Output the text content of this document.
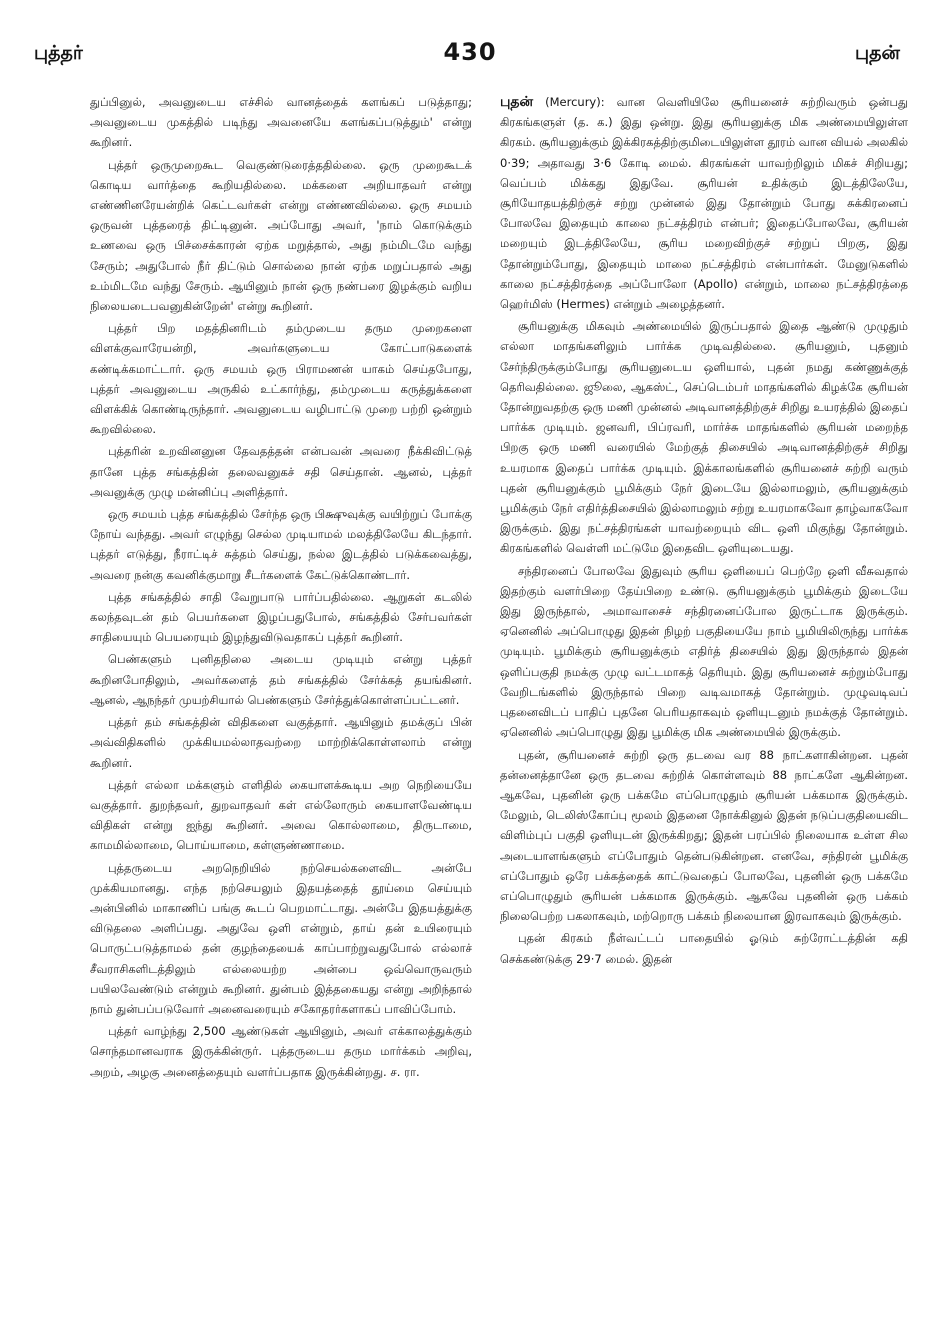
புத்தர்	430	புதன்

துப்பினுல், அவனுடைய எச்சில் வானத்தைக் களங்கப் படுத்தாது; அவனுடைய முகத்தில் படிந்து அவனையே களங்கப்படுத்தும்' என்று கூறினர்.

புத்தர் ஒருமுறைகூட வெகுண்டுரைத்ததில்லை. ஒரு முறைகூடக் கொடிய வார்த்தை கூறியதில்லை. மக்களை அறியாதவர் என்று எண்ணினரேயன்றிக் கெட்டவர்கள் என்று எண்ணவில்லை. ஒரு சமயம் ஒருவன் புத்தரைத் திட்டினுன். அப்போது அவர், 'நாம் கொடுக்கும் உணவை ஒரு பிச்சைக்காரன் ஏற்க மறுத்தால், அது நம்மிடமே வந்து சேரும்; அதுபோல் நீர் திட்டும் சொல்லை நான் ஏற்க மறுப்பதால் அது உம்மிடமே வந்து சேரும். ஆயினும் நான் ஒரு நண்பரை இழக்கும் வறிய நிலையடைபவனுகின்றேன்' என்று கூறினர்.

புத்தர் பிற மதத்தினரிடம் தம்முடைய தரும முறைகளை விளக்குவாரேயன்றி, அவர்களுடைய கோட்பாடுகளைக் கண்டிக்கமாட்டார். ஒரு சமயம் ஒரு பிராமணன் யாகம் செய்தபோது, புத்தர் அவனுடைய அருகில் உட்கார்ந்து, தம்முடைய கருத்துக்களை விளக்கிக் கொண்டிருந்தார். அவனுடைய வழிபாட்டு முறை பற்றி ஒன்றும் கூறவில்லை.

புத்தரின் உறவினனுன தேவதத்தன் என்பவன் அவரை நீக்கிவிட்டுத் தானே புத்த சங்கத்தின் தலைவனுகச் சதி செய்தான். ஆனல், புத்தர் அவனுக்கு முழு மன்னிப்பு அளித்தார்.

ஒரு சமயம் புத்த சங்கத்தில் சேர்ந்த ஒரு பிக்ஷுவுக்கு வயிற்றுப் போக்கு நோய் வந்தது. அவர் எழுந்து செல்ல முடியாமல் மலத்திலேயே கிடந்தார். புத்தர் எடுத்து, நீராட்டிச் சுத்தம் செய்து, நல்ல இடத்தில் படுக்கவைத்து, அவரை நன்கு கவனிக்குமாறு சீடர்களைக் கேட்டுக்கொண்டார்.

புத்த சங்கத்தில் சாதி வேறுபாடு பார்ப்பதில்லை. ஆறுகள் கடலில் கலந்தவுடன் தம் பெயர்களை இழப்பதுபோல், சங்கத்தில் சேர்பவர்கள் சாதியையும் பெயரையும் இழந்துவிடுவதாகப் புத்தர் கூறினர்.

பெண்களும் புனிதநிலை அடைய முடியும் என்று புத்தர் கூறினபோதிலும், அவர்களைத் தம் சங்கத்தில் சேர்க்கத் தயங்கினர். ஆனல், ஆநந்தர் முயற்சியால் பெண்களும் சேர்த்துக்கொள்ளப்பட்டனர்.

புத்தர் தம் சங்கத்தின் விதிகளை வகுத்தார். ஆயினும் தமக்குப் பின் அவ்விதிகளில் முக்கியமல்லாதவற்றை மாற்றிக்கொள்ளலாம் என்று கூறினர்.

புத்தர் எல்லா மக்களும் எளிதில் கையாளக்கூடிய அற நெறியையே வகுத்தார். துறந்தவர், துறவாதவர் கள் எல்லோரும் கையாளவேண்டிய விதிகள் என்று ஐந்து கூறினர். அவை கொல்லாமை, திருடாமை, காமமில்லாமை, பொய்யாமை, கள்ளுண்ணாமை.

புத்தருடைய அறநெறியில் நற்செயல்களைவிட அன்பே முக்கியமானது. எந்த நற்செயலும் இதயத்தைத் தூய்மை செய்யும் அன்பினில் மாகாணிப் பங்கு கூடப் பெறமாட்டாது. அன்பே இதயத்துக்கு விடுதலை அளிப்பது. அதுவே ஒளி என்றும், தாய் தன் உயிரையும் பொருட்படுத்தாமல் தன் குழந்தையைக் காப்பாற்றுவதுபோல் எல்லாச் சீவராசிகளிடத்திலும் எல்லையற்ற அன்பை ஒவ்வொருவரும் பயிலவேண்டும் என்றும் கூறினர். துன்பம் இத்தகையது என்று அறிந்தால் நாம் துன்பப்படுவோர் அனைவரையும் சகோதரர்களாகப் பாவிப்போம்.

புத்தர் வாழ்ந்து 2,500 ஆண்டுகள் ஆயினும், அவர் எக்காலத்துக்கும் சொந்தமானவராக இருக்கின்ருர். புத்தருடைய தரும மார்க்கம் அறிவு, அறம், அழகு அனைத்தையும் வளர்ப்பதாக இருக்கின்றது. ச. ரா.

புதன் (Mercury): வான வெளியிலே சூரியனைச் சுற்றிவரும் ஒன்பது கிரகங்களுள் (த. க.) இது ஒன்று. இது சூரியனுக்கு மிக அண்மையிலுள்ள கிரகம். சூரியனுக்கும் இக்கிரகத்திற்குமிடையிலுள்ள தூரம் வான வியல் அலகில் 0·39; அதாவது 3·6 கோடி மைல். கிரகங்கள் யாவற்றிலும் மிகச் சிறியது; வெப்பம் மிக்கது இதுவே. சூரியன் உதிக்கும் இடத்திலேயே, சூரியோதயத்திற்குச் சற்று முன்னல் இது தோன்றும் போது சுக்கிரனைப் போலவே இதையும் காலை நட்சத்திரம் என்பர்; இதைப்போலவே, சூரியன் மறையும் இடத்திலேயே, சூரிய மறைவிற்குச் சற்றுப் பிறகு, இது தோன்றும்போது, இதையும் மாலை நட்சத்திரம் என்பார்கள். மேனுடுகளில் காலை நட்சத்திரத்தை அப்போலோ (Apollo) என்றும், மாலை நட்சத்திரத்தை ஹெர்மிஸ் (Hermes) என்றும் அழைத்தனர்.

சூரியனுக்கு மிகவும் அண்மையில் இருப்பதால் இதை ஆண்டு முழுதும் எல்லா மாதங்களிலும் பார்க்க முடிவதில்லை. சூரியனும், புதனும் சேர்ந்திருக்கும்போது சூரியனுடைய ஒளியால், புதன் நமது கண்ணுக்குத் தெரிவதில்லை. ஜூலை, ஆகஸ்ட், செப்டெம்பர் மாதங்களில் கிழக்கே சூரியன் தோன்றுவதற்கு ஒரு மணி முன்னல் அடிவானத்திற்குச் சிறிது உயரத்தில் இதைப் பார்க்க முடியும். ஜனவரி, பிப்ரவரி, மார்ச்சு மாதங்களில் சூரியன் மறைந்த பிறகு ஒரு மணி வரையில் மேற்குத் திசையில் அடிவானத்திற்குச் சிறிது உயரமாக இதைப் பார்க்க முடியும். இக்காலங்களில் சூரியனைச் சுற்றி வரும் புதன் சூரியனுக்கும் பூமிக்கும் நேர் இடையே இல்லாமலும், சூரியனுக்கும் பூமிக்கும் நேர் எதிர்த்திசையில் இல்லாமலும் சற்று உயரமாகவோ தாழ்வாகவோ இருக்கும். இது நட்சத்திரங்கள் யாவற்றையும் விட ஒளி மிகுந்து தோன்றும். கிரகங்களில் வெள்ளி மட்டுமே இதைவிட ஒளியுடையது.

சந்திரனைப் போலவே இதுவும் சூரிய ஒளியைப் பெற்றே ஒளி வீசுவதால் இதற்கும் வளர்பிறை தேய்பிறை உண்டு. சூரியனுக்கும் பூமிக்கும் இடையே இது இருந்தால், அமாவாசைச் சந்திரனைப்போல இருட்டாக இருக்கும். ஏனெனில் அப்பொழுது இதன் நிழற் பகுதியையே நாம் பூமியிலிருந்து பார்க்க முடியும். பூமிக்கும் சூரியனுக்கும் எதிர்த் திசையில் இது இருந்தால் இதன் ஒளிப்பகுதி நமக்கு முழு வட்டமாகத் தெரியும். இது சூரியனைச் சுற்றும்போது வேறிடங்களில் இருந்தால் பிறை வடிவமாகத் தோன்றும். முழுவடிவப் புதனைவிடப் பாதிப் புதனே பெரியதாகவும் ஒளியுடனும் நமக்குத் தோன்றும். ஏனெனில் அப்பொழுது இது பூமிக்கு மிக அண்மையில் இருக்கும்.

புதன், சூரியனைச் சுற்றி ஒரு தடவை வர 88 நாட்களாகின்றன. புதன் தன்னைத்தானே ஒரு தடவை சுற்றிக் கொள்ளவும் 88 நாட்களே ஆகின்றன. ஆகவே, புதனின் ஒரு பக்கமே எப்பொழுதும் சூரியன் பக்கமாக இருக்கும். மேலும், டெலிஸ்கோப்பு மூலம் இதனை நோக்கினுல் இதன் நடுப்பகுதியைவிட விளிம்புப் பகுதி ஒளியுடன் இருக்கிறது; இதன் பரப்பில் நிலையாக உள்ள சில அடையாளங்களும் எப்போதும் தென்படுகின்றன. எனவே, சந்திரன் பூமிக்கு எப்போதும் ஒரே பக்கத்தைக் காட்டுவதைப் போலவே, புதனின் ஒரு பக்கமே எப்பொழுதும் சூரியன் பக்கமாக இருக்கும். ஆகவே புதனின் ஒரு பக்கம் நிலைபெற்ற பகலாகவும், மற்றொரு பக்கம் நிலையான இரவாகவும் இருக்கும்.

புதன் கிரகம் நீள்வட்டப் பாதையில் ஓடும் சுற்ரோட்டத்தின் கதி செக்கண்டுக்கு 29·7 மைல். இதன்
